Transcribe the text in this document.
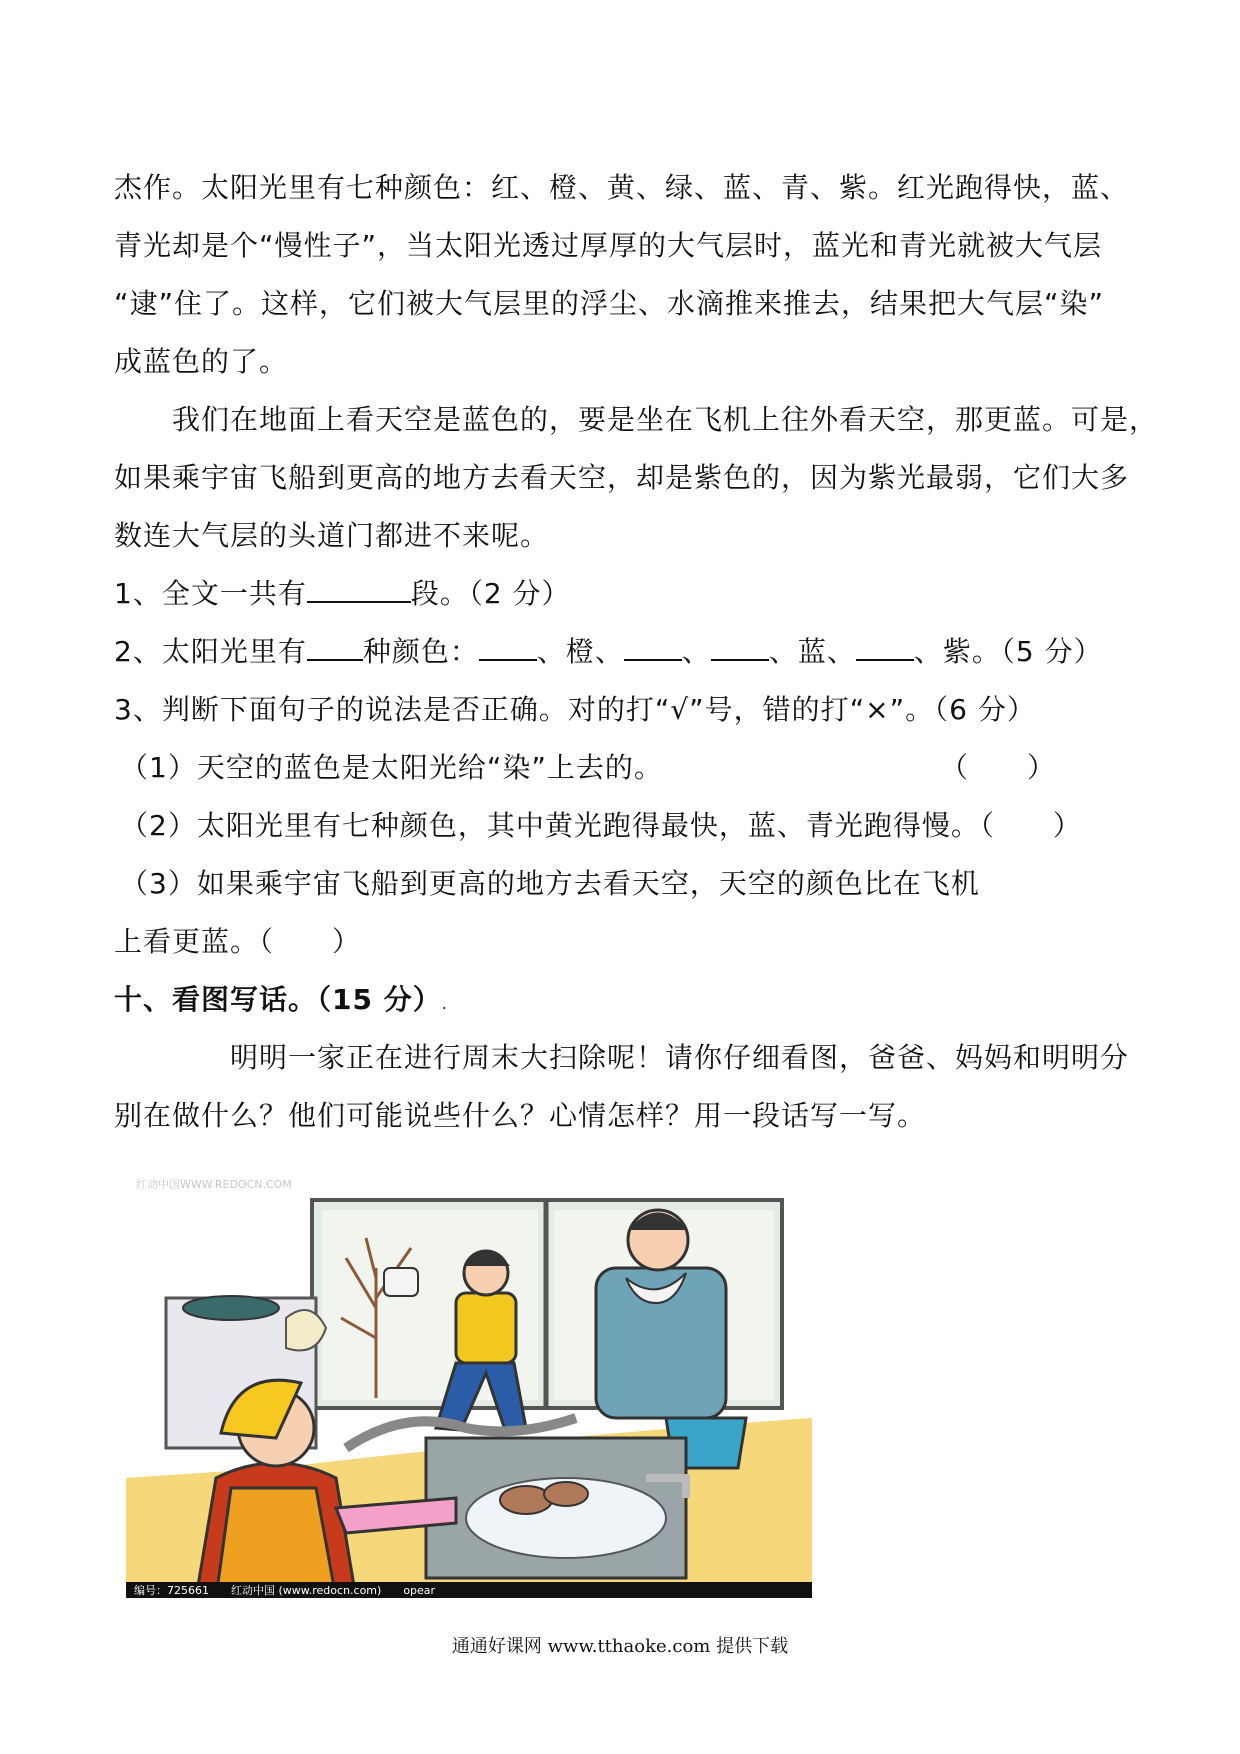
杰作。太阳光里有七种颜色：红、橙、黄、绿、蓝、青、紫。红光跑得快，蓝、
青光却是个“慢性子”，当太阳光透过厚厚的大气层时，蓝光和青光就被大气层
“逮”住了。这样，它们被大气层里的浮尘、水滴推来推去，结果把大气层“染”
成蓝色的了。
我们在地面上看天空是蓝色的，要是坐在飞机上往外看天空，那更蓝。可是，
如果乘宇宙飞船到更高的地方去看天空，却是紫色的，因为紫光最弱，它们大多
数连大气层的头道门都进不来呢。
1、全文一共有	段。（2 分）
2、太阳光里有 种颜色： 、橙、 、 、蓝、 、紫。（5 分）
3、判断下面句子的说法是否正确。对的打“√”号，错的打“×”。（6 分）
（1）天空的蓝色是太阳光给“染”上去的。	（　　）
（2）太阳光里有七种颜色，其中黄光跑得最快，蓝、青光跑得慢。（　　）
（3）如果乘宇宙飞船到更高的地方去看天空，天空的颜色比在飞机
上看更蓝。（　　）
十、看图写话。（15 分）.
明明一家正在进行周末大扫除呢！请你仔细看图，爸爸、妈妈和明明分
别在做什么？他们可能说些什么？心情怎样？用一段话写一写。
红动中国WWW.REDOCN.COM
编号：725661　　红动中国 (www.redocn.com)　　opear
通通好课网 www.tthaoke.com 提供下载
